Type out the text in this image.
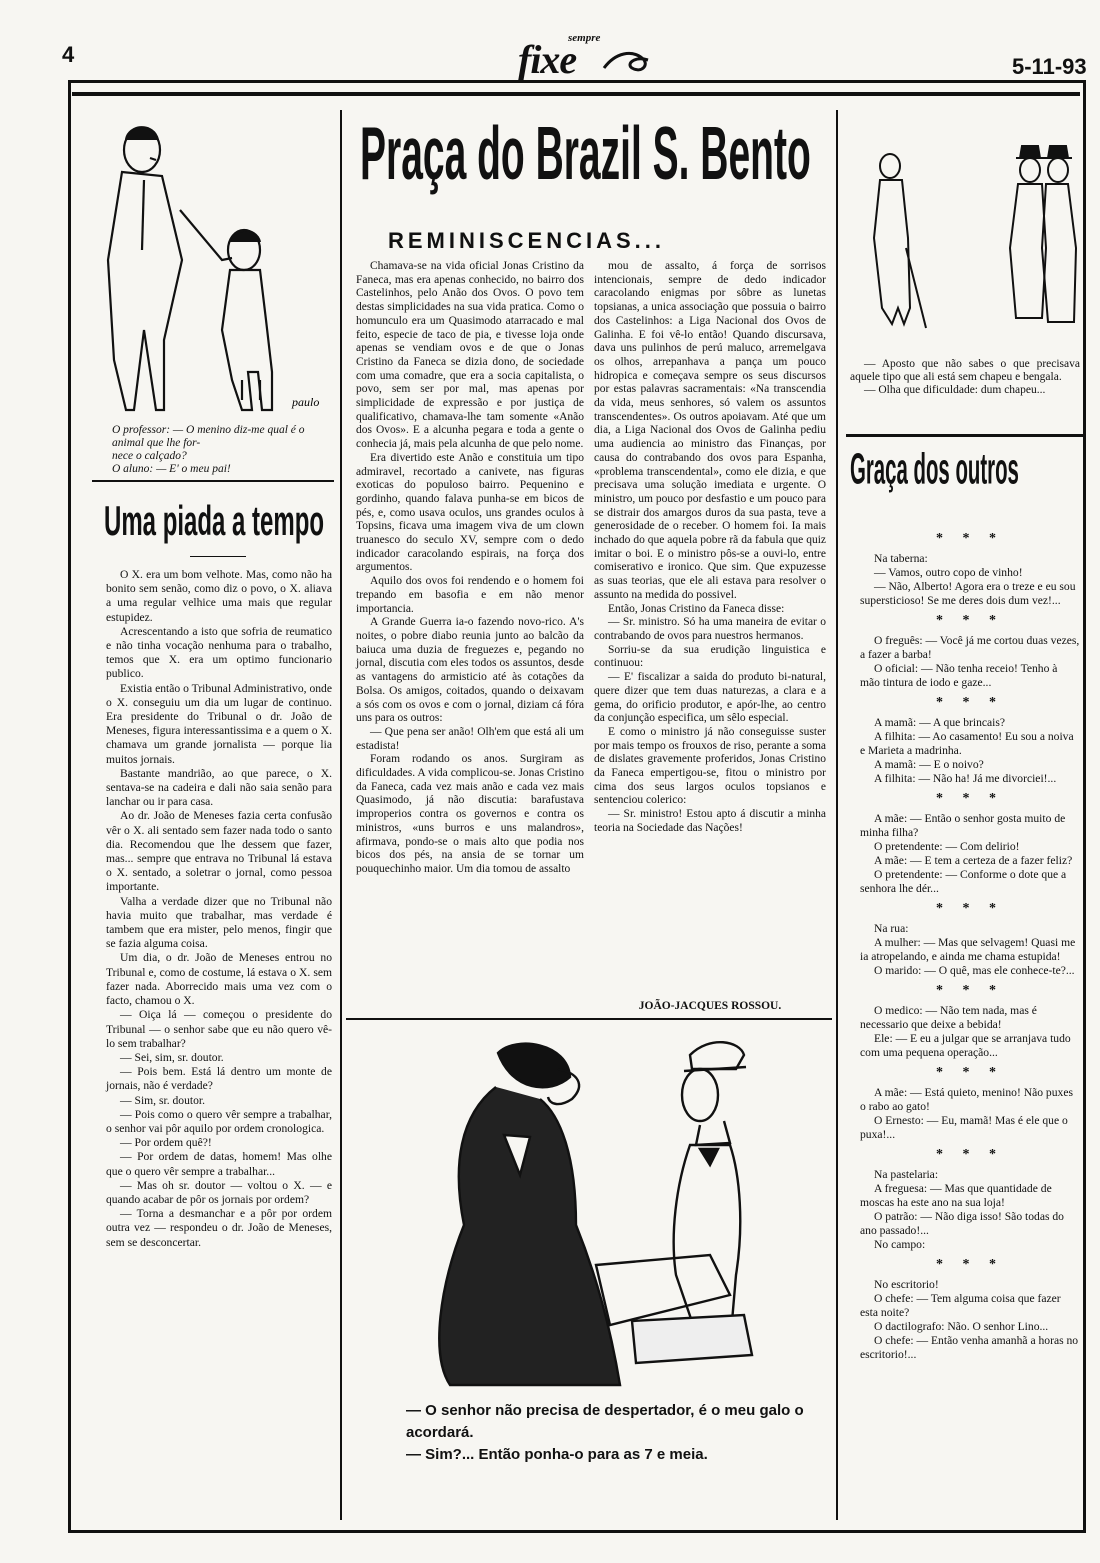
4
sempre
fixe	5-11-93
paulo
O professor: — O menino diz-me qual é o animal que lhe for-
nece o calçado?
O aluno: — E' o meu pai!
Uma piada a tempo

O X. era um bom velhote. Mas, como não ha bonito sem senão, como diz o povo, o X. aliava a uma regular velhice uma mais que regular estupidez.

Acrescentando a isto que sofria de reumatico e não tinha vocação nenhuma para o trabalho, temos que X. era um optimo funcionario publico.

Existia então o Tribunal Administrativo, onde o X. conseguiu um dia um lugar de continuo. Era presidente do Tribunal o dr. João de Meneses, figura interessantissima e a quem o X. chamava um grande jornalista — porque lia muitos jornais.

Bastante mandrião, ao que parece, o X. sentava-se na cadeira e dali não saia senão para lanchar ou ir para casa.

Ao dr. João de Meneses fazia certa confusão vêr o X. ali sentado sem fazer nada todo o santo dia. Recomendou que lhe dessem que fazer, mas... sempre que entrava no Tribunal lá estava o X. sentado, a soletrar o jornal, como pessoa importante.

Valha a verdade dizer que no Tribunal não havia muito que trabalhar, mas verdade é tambem que era mister, pelo menos, fingir que se fazia alguma coisa.

Um dia, o dr. João de Meneses entrou no Tribunal e, como de costume, lá estava o X. sem fazer nada. Aborrecido mais uma vez com o facto, chamou o X.

— Oiça lá — começou o presidente do Tribunal — o senhor sabe que eu não quero vê-lo sem trabalhar?

— Sei, sim, sr. doutor.

— Pois bem. Está lá dentro um monte de jornais, não é verdade?

— Sim, sr. doutor.

— Pois como o quero vêr sempre a trabalhar, o senhor vai pôr aquilo por ordem cronologica.

— Por ordem quê?!

— Por ordem de datas, homem! Mas olhe que o quero vêr sempre a trabalhar...

— Mas oh sr. doutor — voltou o X. — e quando acabar de pôr os jornais por ordem?

— Torna a desmanchar e a pôr por ordem outra vez — respondeu o dr. João de Meneses, sem se desconcertar.

Praça do Brazil S. Bento
REMINISCENCIAS...

Chamava-se na vida oficial Jonas Cristino da Faneca, mas era apenas conhecido, no bairro dos Castelinhos, pelo Anão dos Ovos. O povo tem destas simplicidades na sua vida pratica. Como o homunculo era um Quasimodo atarracado e mal feito, especie de taco de pia, e tivesse loja onde apenas se vendiam ovos e de que o Jonas Cristino da Faneca se dizia dono, de sociedade com uma comadre, que era a socia capitalista, o povo, sem ser por mal, mas apenas por simplicidade de expressão e por justiça de qualificativo, chamava-lhe tam somente «Anão dos Ovos». E a alcunha pegara e toda a gente o conhecia já, mais pela alcunha de que pelo nome.

Era divertido este Anão e constituia um tipo admiravel, recortado a canivete, nas figuras exoticas do populoso bairro. Pequenino e gordinho, quando falava punha-se em bicos de pés, e, como usava oculos, uns grandes oculos à Topsins, ficava uma imagem viva de um clown truanesco do seculo XV, sempre com o dedo indicador caracolando espirais, na força dos argumentos.

Aquilo dos ovos foi rendendo e o homem foi trepando em basofia e em não menor importancia.

A Grande Guerra ia-o fazendo novo-rico. A's noites, o pobre diabo reunia junto ao balcão da baiuca uma duzia de freguezes e, pegando no jornal, discutia com eles todos os assuntos, desde as vantagens do armisticio até às cotações da Bolsa. Os amigos, coitados, quando o deixavam a sós com os ovos e com o jornal, diziam cá fóra uns para os outros:

— Que pena ser anão! Olh'em que está ali um estadista!

Foram rodando os anos. Surgiram as dificuldades. A vida complicou-se. Jonas Cristino da Faneca, cada vez mais anão e cada vez mais Quasimodo, já não discutia: barafustava improperios contra os governos e contra os ministros, «uns burros e uns malandros», afirmava, pondo-se o mais alto que podia nos bicos dos pés, na ansia de se tornar um pouquechinho maior. Um dia tomou de assalto

mou de assalto, á força de sorrisos intencionais, sempre de dedo indicador caracolando enigmas por sôbre as lunetas topsianas, a unica associação que possuia o bairro dos Castelinhos: a Liga Nacional dos Ovos de Galinha. E foi vê-lo então! Quando discursava, dava uns pulinhos de perú maluco, arremelgava os olhos, arrepanhava a pança um pouco hidropica e começava sempre os seus discursos por estas palavras sacramentais: «Na transcendia da vida, meus senhores, só valem os assuntos transcendentes». Os outros apoiavam. Até que um dia, a Liga Nacional dos Ovos de Galinha pediu uma audiencia ao ministro das Finanças, por causa do contrabando dos ovos para Espanha, «problema transcendental», como ele dizia, e que precisava uma solução imediata e urgente. O ministro, um pouco por desfastio e um pouco para se distrair dos amargos duros da sua pasta, teve a generosidade de o receber. O homem foi. Ia mais inchado do que aquela pobre rã da fabula que quiz imitar o boi. E o ministro pôs-se a ouvi-lo, entre comiserativo e ironico. Que sim. Que expuzesse as suas teorias, que ele ali estava para resolver o assunto na medida do possivel.

Então, Jonas Cristino da Faneca disse:

— Sr. ministro. Só ha uma maneira de evitar o contrabando de ovos para nuestros hermanos.

Sorriu-se da sua erudição linguistica e continuou:

— E' fiscalizar a saida do produto bi-natural, quere dizer que tem duas naturezas, a clara e a gema, do orificio produtor, e apór-lhe, ao centro da conjunção especifica, um sêlo especial.

E como o ministro já não conseguisse suster por mais tempo os frouxos de riso, perante a soma de dislates gravemente proferidos, Jonas Cristino da Faneca empertigou-se, fitou o ministro por cima dos seus largos oculos topsianos e sentenciou colerico:

— Sr. ministro! Estou apto á discutir a minha teoria na Sociedade das Nações!

JOÃO-JACQUES ROSSOU.
— O senhor não precisa de despertador, é o meu galo o
acordará.
— Sim?... Então ponha-o para as 7 e meia.
— Aposto que não sabes o que precisava aquele tipo que ali está sem chapeu e bengala.
— Olha que dificuldade: dum chapeu...
Graça dos outros
* * *

Na taberna:

— Vamos, outro copo de vinho!

— Não, Alberto! Agora era o treze e eu sou supersticioso! Se me deres dois dum vez!...

* * *

O freguês: — Você já me cortou duas vezes, a fazer a barba!

O oficial: — Não tenha receio! Tenho à mão tintura de iodo e gaze...

* * *

A mamã: — A que brincais?

A filhita: — Ao casamento! Eu sou a noiva e Marieta a madrinha.

A mamã: — E o noivo?

A filhita: — Não ha! Já me divorciei!...

* * *

A mãe: — Então o senhor gosta muito de minha filha?

O pretendente: — Com delirio!

A mãe: — E tem a certeza de a fazer feliz?

O pretendente: — Conforme o dote que a senhora lhe dér...

* * *

Na rua:

A mulher: — Mas que selvagem! Quasi me ia atropelando, e ainda me chama estupida!

O marido: — O quê, mas ele conhece-te?...

* * *

O medico: — Não tem nada, mas é necessario que deixe a bebida!

Ele: — E eu a julgar que se arranjava tudo com uma pequena operação...

* * *

A mãe: — Está quieto, menino! Não puxes o rabo ao gato!

O Ernesto: — Eu, mamã! Mas é ele que o puxa!...

* * *

Na pastelaria:

A freguesa: — Mas que quantidade de moscas ha este ano na sua loja!

O patrão: — Não diga isso! São todas do ano passado!...

No campo:

* * *

No escritorio!

O chefe: — Tem alguma coisa que fazer esta noite?

O dactilografo: Não. O senhor Lino...

O chefe: — Então venha amanhã a horas no escritorio!...
